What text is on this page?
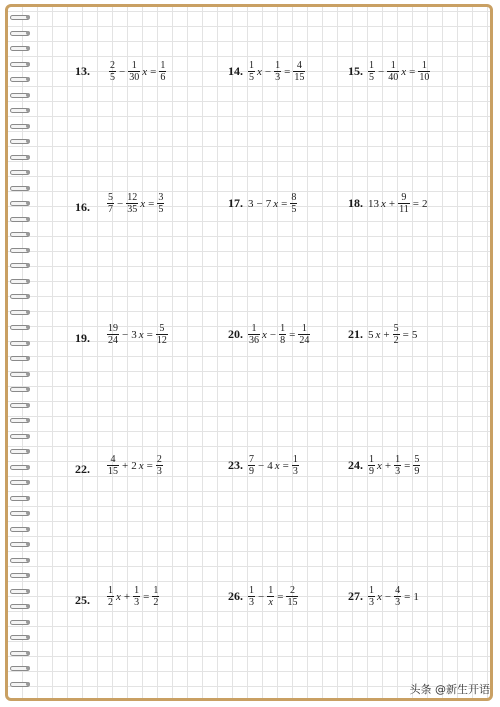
13. $\frac{2}{5} - \frac{1}{30}$ $x = \frac{1}{6}$	14. $\frac{1}{5}$ $x - \frac{1}{3} = \frac{4}{15}$	15. $\frac{1}{5} - \frac{1}{40}$ $x = \frac{1}{10}$
16. $\frac{5}{7} - \frac{12}{35}$ $x = \frac{3}{5}$	17. 3 − 7 $x = \frac{8}{5}$	18. 13 $x + \frac{9}{11} = 2$
19. $\frac{19}{24} - 3$ $x = \frac{5}{12}$	20. $\frac{1}{36}$ $x - \frac{1}{8} = \frac{1}{24}$	21. 5 $x + \frac{5}{2} = 5$
22. $\frac{4}{15} + 2$ $x = \frac{2}{3}$	23. $\frac{7}{9} - 4$ $x = \frac{1}{3}$	24. $\frac{1}{9}$ $x + \frac{1}{3} = \frac{5}{9}$
25. $\frac{1}{2}$ $x + \frac{1}{3} = \frac{1}{2}$	26. $\frac{1}{3} - \frac{1}{x} = \frac{2}{15}$	27. $\frac{1}{3}$ $x - \frac{4}{3} = 1$
头条 @新生开语
